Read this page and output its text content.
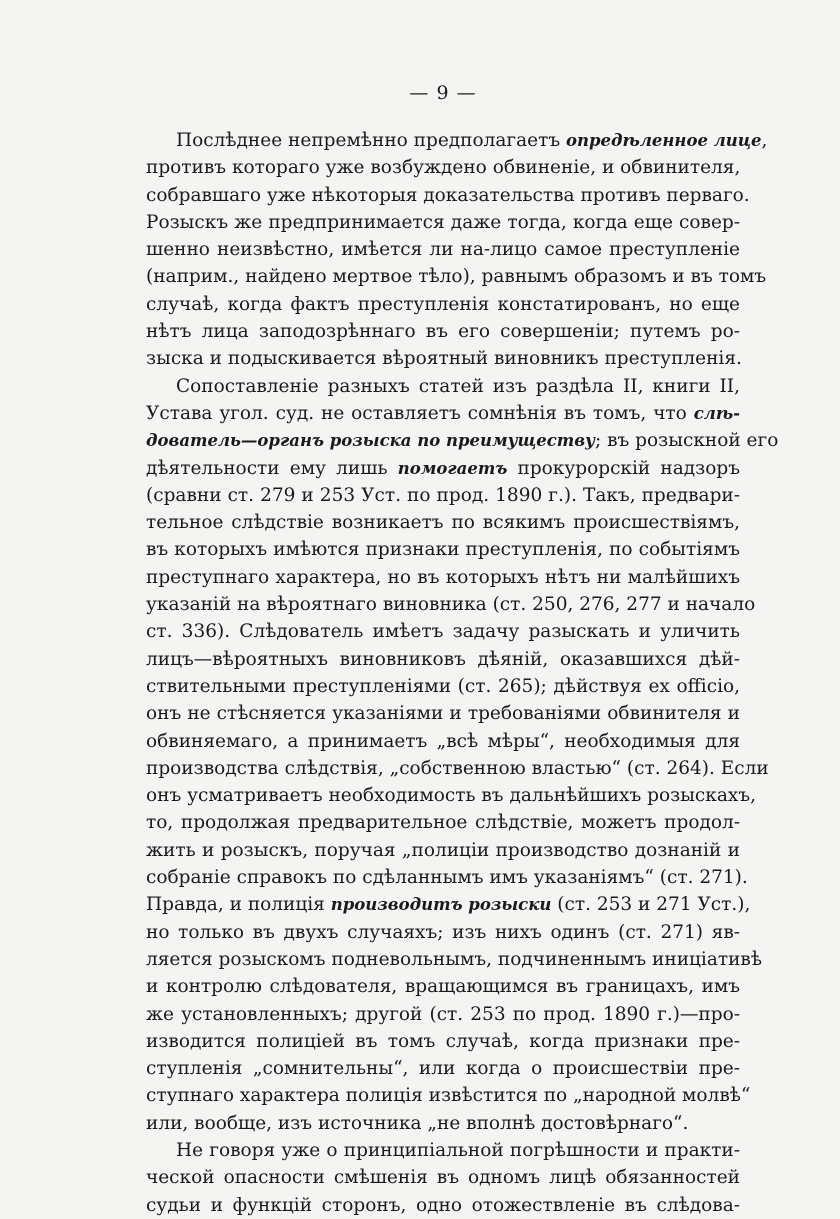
— 9 —
Послѣднее непремѣнно предполагаетъ опредѣленное лице,
противъ котораго уже возбуждено обвиненіе, и обвинителя,
собравшаго уже нѣкоторыя доказательства противъ перваго.
Розыскъ же предпринимается даже тогда, когда еще совер-
шенно неизвѣстно, имѣется ли на-лицо самое преступленіе
(наприм., найдено мертвое тѣло), равнымъ образомъ и въ томъ
случаѣ, когда фактъ преступленія констатированъ, но еще
нѣтъ лица заподозрѣннаго въ его совершеніи; путемъ ро-
зыска и подыскивается вѣроятный виновникъ преступленія.
Сопоставленіе разныхъ статей изъ раздѣла II, книги II,
Устава угол. суд. не оставляетъ сомнѣнія въ томъ, что слѣ-
дователь—органъ розыска по преимуществу; въ розыскной его
дѣятельности ему лишь помогаетъ прокурорскій надзоръ
(сравни ст. 279 и 253 Уст. по прод. 1890 г.). Такъ, предвари-
тельное слѣдствіе возникаетъ по всякимъ происшествіямъ,
въ которыхъ имѣются признаки преступленія, по событіямъ
преступнаго характера, но въ которыхъ нѣтъ ни малѣйшихъ
указаній на вѣроятнаго виновника (ст. 250, 276, 277 и начало
ст. 336). Слѣдователь имѣетъ задачу разыскать и уличить
лицъ—вѣроятныхъ виновниковъ дѣяній, оказавшихся дѣй-
ствительными преступленіями (ст. 265); дѣйствуя ex officio,
онъ не стѣсняется указаніями и требованіями обвинителя и
обвиняемаго, а принимаетъ „всѣ мѣры“, необходимыя для
производства слѣдствія, „собственною властью“ (ст. 264). Если
онъ усматриваетъ необходимость въ дальнѣйшихъ розыскахъ,
то, продолжая предварительное слѣдствіе, можетъ продол-
жить и розыскъ, поручая „полиціи производство дознаній и
собраніе справокъ по сдѣланнымъ имъ указаніямъ“ (ст. 271).
Правда, и полиція производитъ розыски (ст. 253 и 271 Уст.),
но только въ двухъ случаяхъ; изъ нихъ одинъ (ст. 271) яв-
ляется розыскомъ подневольнымъ, подчиненнымъ иниціативѣ
и контролю слѣдователя, вращающимся въ границахъ, имъ
же установленныхъ; другой (ст. 253 по прод. 1890 г.)—про-
изводится полиціей въ томъ случаѣ, когда признаки пре-
ступленія „сомнительны“, или когда о происшествіи пре-
ступнаго характера полиція извѣстится по „народной молвѣ“
или, вообще, изъ источника „не вполнѣ достовѣрнаго“.
Не говоря уже о принципіальной погрѣшности и практи-
ческой опасности смѣшенія въ одномъ лицѣ обязанностей
судьи и функцій сторонъ, одно отожествленіе въ слѣдова-
